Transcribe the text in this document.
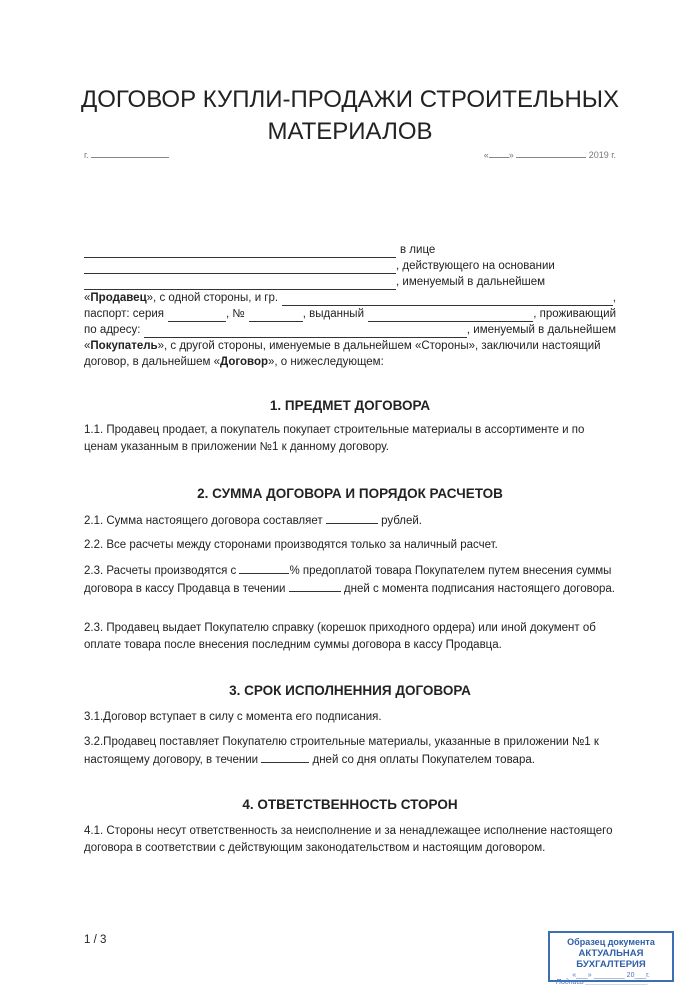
ДОГОВОР КУПЛИ-ПРОДАЖИ СТРОИТЕЛЬНЫХ
МАТЕРИАЛОВ
г.	« »	2019 г.
в лице
, действующего на основании
, именуемый в дальнейшем
« Продавец », с одной стороны, и гр.	,
паспорт: серия	, №	, выданный	, проживающий
по адресу:	, именуемый в дальнейшем
« Покупатель », с другой стороны, именуемые в дальнейшем «Стороны», заключили настоящий
договор, в дальнейшем « Договор », о нижеследующем:
1. ПРЕДМЕТ ДОГОВОРА

1.1. Продавец продает, а покупатель покупает строительные материалы в ассортименте и по ценам указанным в приложении №1 к данному договору.

2. СУММА ДОГОВОРА И ПОРЯДОК РАСЧЕТОВ

2.1. Сумма настоящего договора составляет	рублей.

2.2. Все расчеты между сторонами производятся только за наличный расчет.

2.3. Расчеты производятся с	% предоплатой товара Покупателем путем внесения суммы договора в кассу Продавца в течении	дней с момента подписания настоящего договора.

2.3. Продавец выдает Покупателю справку (корешок приходного ордера) или иной документ об оплате товара после внесения последним суммы договора в кассу Продавца.

3. СРОК ИСПОЛНЕННИЯ ДОГОВОРА

3.1.Договор вступает в силу с момента его подписания.

3.2.Продавец поставляет Покупателю строительные материалы, указанные в приложении №1 к настоящему договору, в течении	дней со дня оплаты Покупателем товара.

4. ОТВЕТСТВЕННОСТЬ СТОРОН

4.1. Стороны несут ответственность за неисполнение и за ненадлежащее исполнение настоящего договора в соответствии с действующим законодательством и настоящим договором.

1 / 3	Образец документа
АКТУАЛЬНАЯ БУХГАЛТЕРИЯ
«___» ________ 20___г.
Подпись ________________
